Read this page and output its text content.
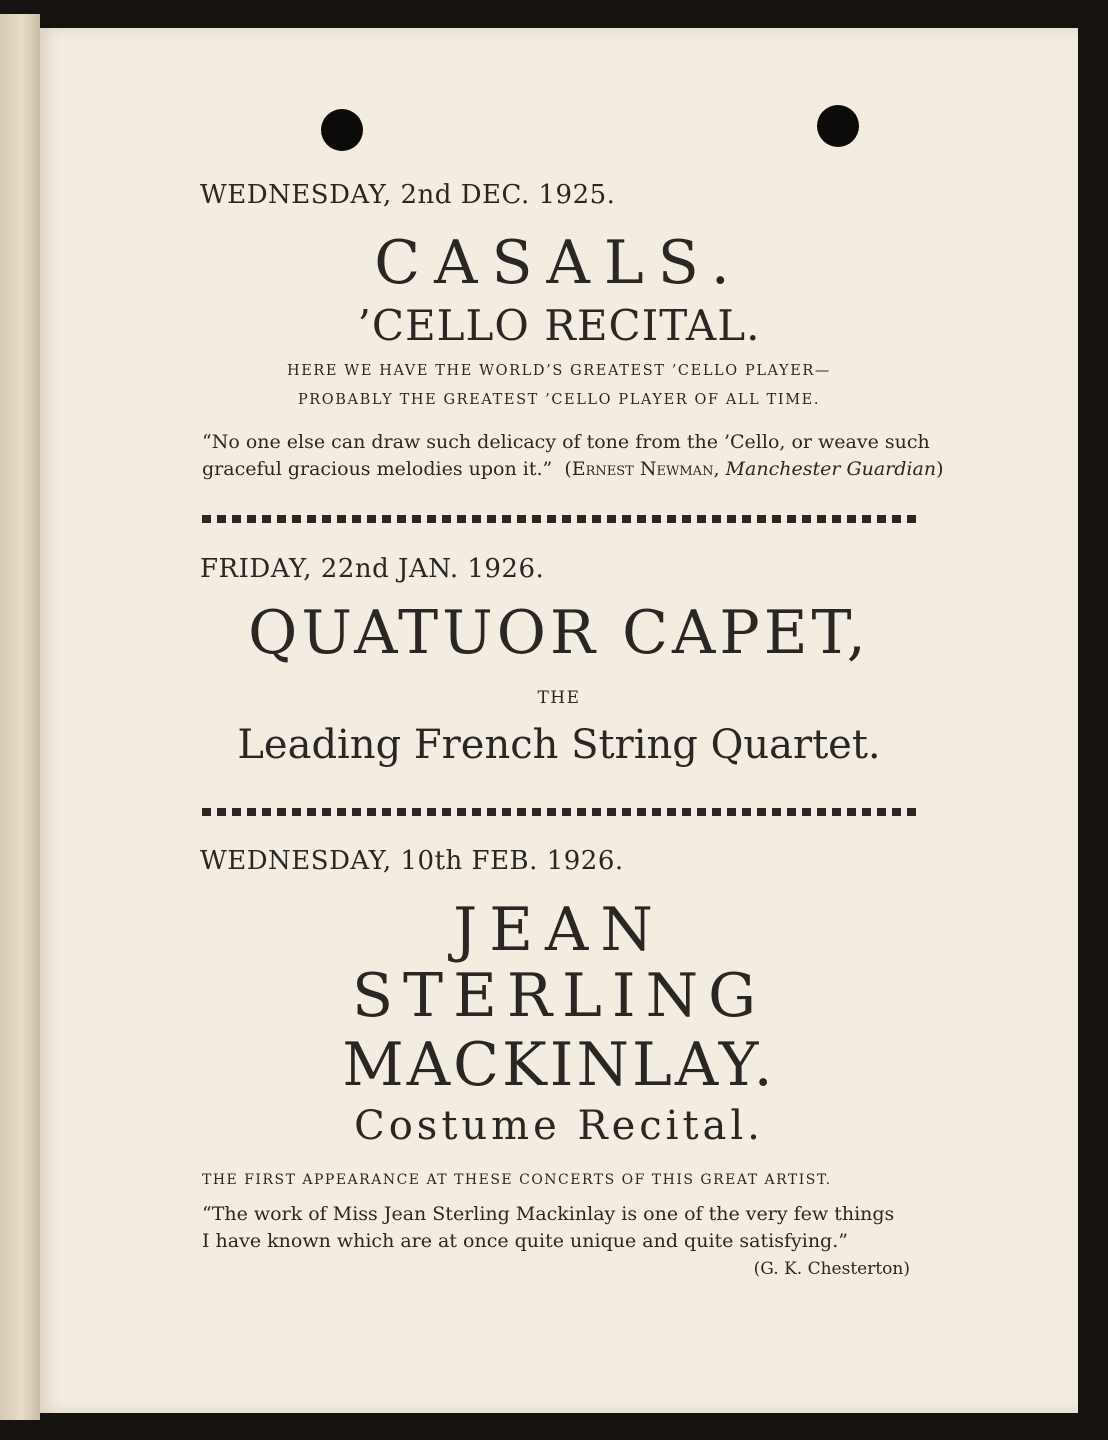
WEDNESDAY, 2nd DEC. 1925.
CASALS.
’CELLO RECITAL.
HERE WE HAVE THE WORLD’S GREATEST ’CELLO PLAYER—
PROBABLY THE GREATEST ’CELLO PLAYER OF ALL TIME.
“No one else can draw such delicacy of tone from the ’Cello, or weave such
graceful gracious melodies upon it.” (Ernest Newman, Manchester Guardian)
FRIDAY, 22nd JAN. 1926.
QUATUOR CAPET,
THE
Leading French String Quartet.
WEDNESDAY, 10th FEB. 1926.
JEAN
STERLING
MACKINLAY.
Costume Recital.
THE FIRST APPEARANCE AT THESE CONCERTS OF THIS GREAT ARTIST.
“The work of Miss Jean Sterling Mackinlay is one of the very few things
I have known which are at once quite unique and quite satisfying.”
(G. K. Chesterton)
